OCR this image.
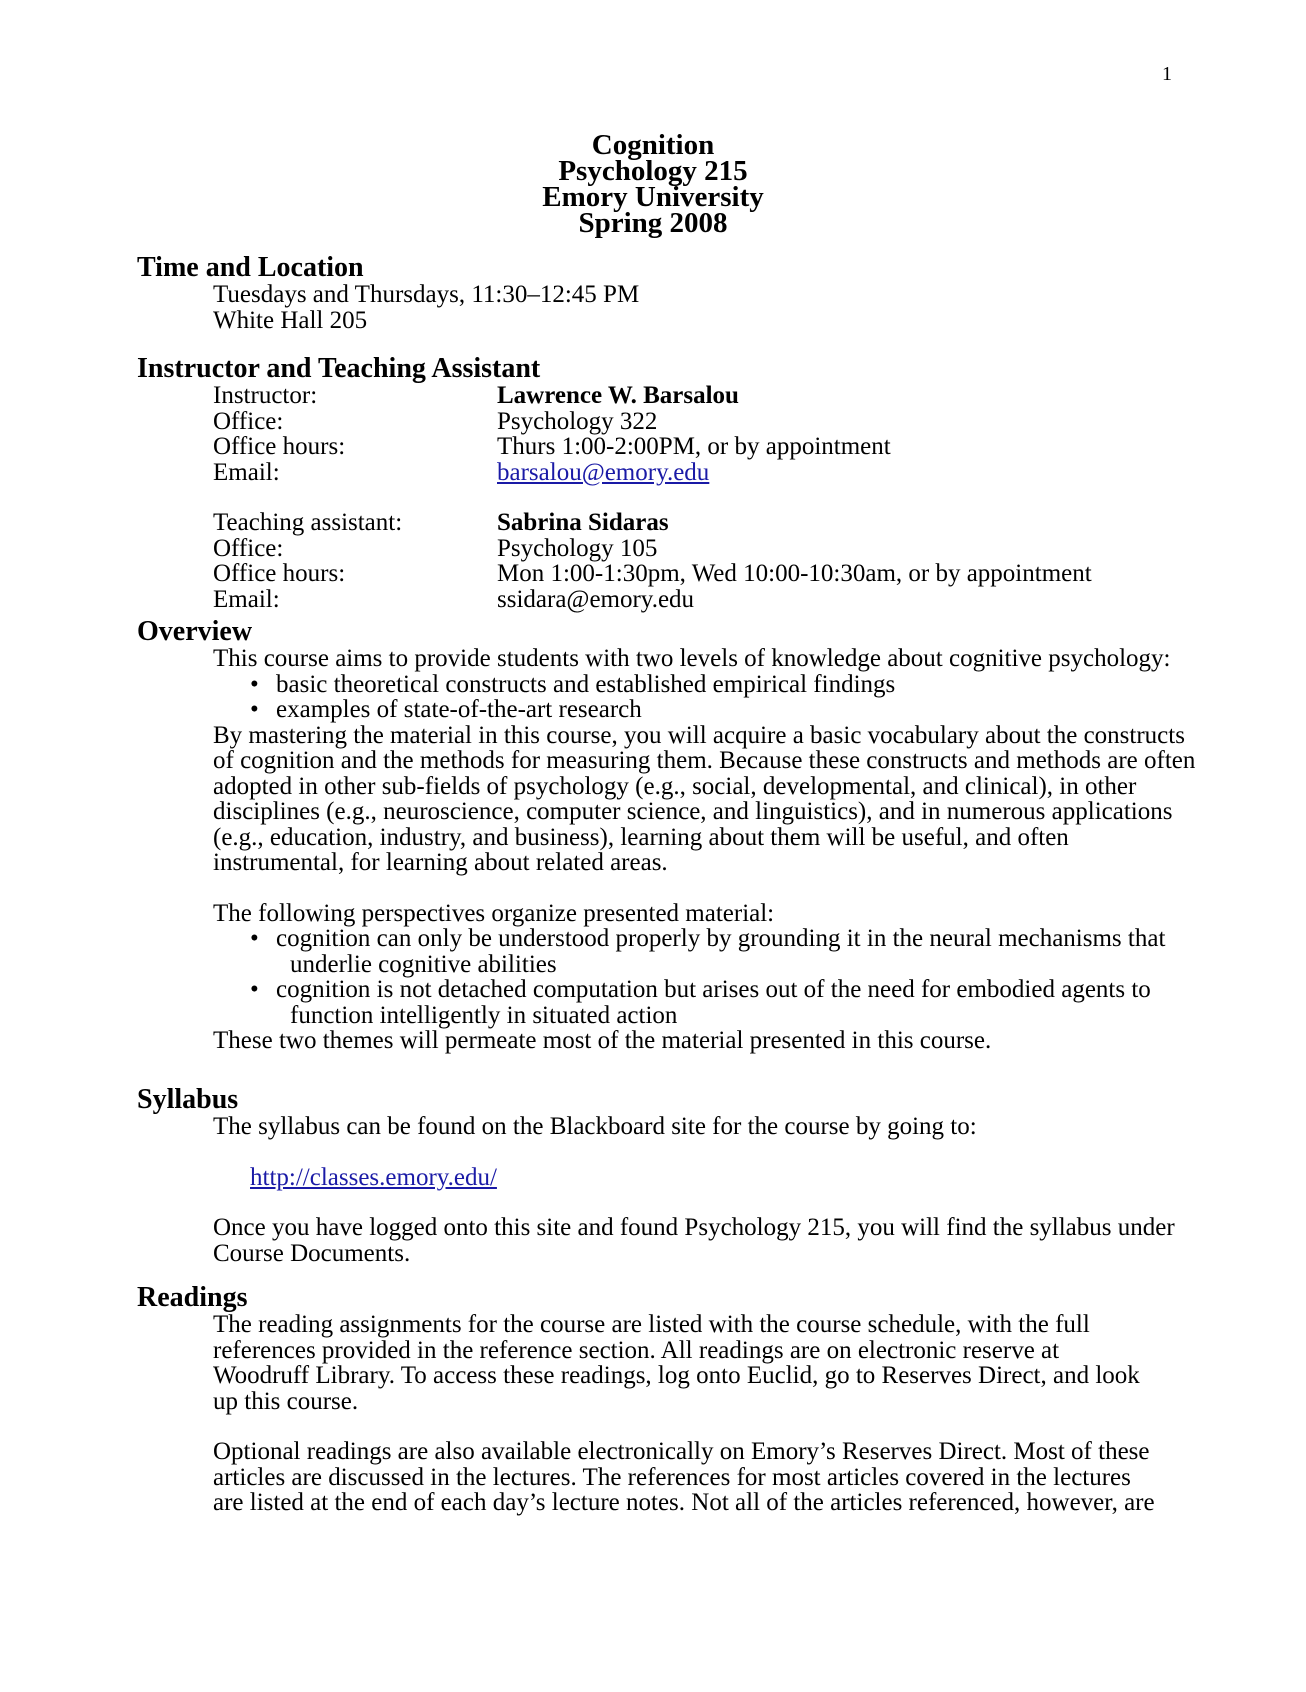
1
Cognition
Psychology 215
Emory University
Spring 2008
Time and Location

Tuesdays and Thursdays, 11:30–12:45 PM

White Hall 205

Instructor and Teaching Assistant
Instructor:	Lawrence W. Barsalou
Office:	Psychology 322
Office hours:	Thurs 1:00-2:00PM, or by appointment
Email:	barsalou@emory.edu
Teaching assistant:	Sabrina Sidaras
Office:	Psychology 105
Office hours:	Mon 1:00-1:30pm, Wed 10:00-10:30am, or by appointment
Email:	ssidara@emory.edu
Overview

This course aims to provide students with two levels of knowledge about cognitive psychology:

• basic theoretical constructs and established empirical findings
• examples of state-of-the-art research
By mastering the material in this course, you will acquire a basic vocabulary about the constructs
of cognition and the methods for measuring them. Because these constructs and methods are often
adopted in other sub-fields of psychology (e.g., social, developmental, and clinical), in other
disciplines (e.g., neuroscience, computer science, and linguistics), and in numerous applications
(e.g., education, industry, and business), learning about them will be useful, and often
instrumental, for learning about related areas.

The following perspectives organize presented material:

• cognition can only be understood properly by grounding it in the neural mechanisms that
underlie cognitive abilities
• cognition is not detached computation but arises out of the need for embodied agents to
function intelligently in situated action

These two themes will permeate most of the material presented in this course.

Syllabus

The syllabus can be found on the Blackboard site for the course by going to:

http://classes.emory.edu/

Once you have logged onto this site and found Psychology 215, you will find the syllabus under
Course Documents.

Readings
The reading assignments for the course are listed with the course schedule, with the full
references provided in the reference section. All readings are on electronic reserve at
Woodruff Library. To access these readings, log onto Euclid, go to Reserves Direct, and look
up this course.
Optional readings are also available electronically on Emory’s Reserves Direct. Most of these
articles are discussed in the lectures. The references for most articles covered in the lectures
are listed at the end of each day’s lecture notes. Not all of the articles referenced, however, are
